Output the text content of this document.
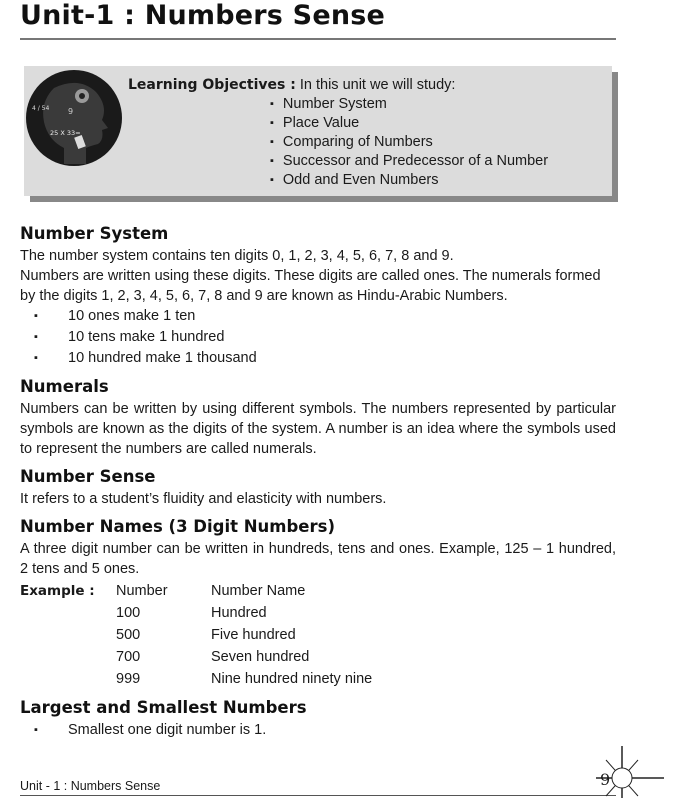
Unit-1 : Numbers Sense
4 / 54
25 X 33=
9
Learning Objectives : In this unit we will study:
▪ Number System
▪ Place Value
▪ Comparing of Numbers
▪ Successor and Predecessor of a Number
▪ Odd and Even Numbers
Number System

The number system contains ten digits 0, 1, 2, 3, 4, 5, 6, 7, 8 and 9.

Numbers are written using these digits. These digits are called ones. The numerals formed by the digits 1, 2, 3, 4, 5, 6, 7, 8 and 9 are known as Hindu-Arabic Numbers.

▪ 10 ones make 1 ten
▪ 10 tens make 1 hundred
▪ 10 hundred make 1 thousand
Numerals

Numbers can be written by using different symbols. The numbers represented by particular symbols are known as the digits of the system. A number is an idea where the symbols used to represent the numbers are called numerals.

Number Sense

It refers to a student’s fluidity and elasticity with numbers.

Number Names (3 Digit Numbers)

A three digit number can be written in hundreds, tens and ones. Example, 125 – 1 hundred, 2 tens and 5 ones.

Example :	Number	Number Name
	100	Hundred
	500	Five hundred
	700	Seven hundred
	999	Nine hundred ninety nine
Largest and Smallest Numbers
▪ Smallest one digit number is 1.
Unit - 1 : Numbers Sense	9
